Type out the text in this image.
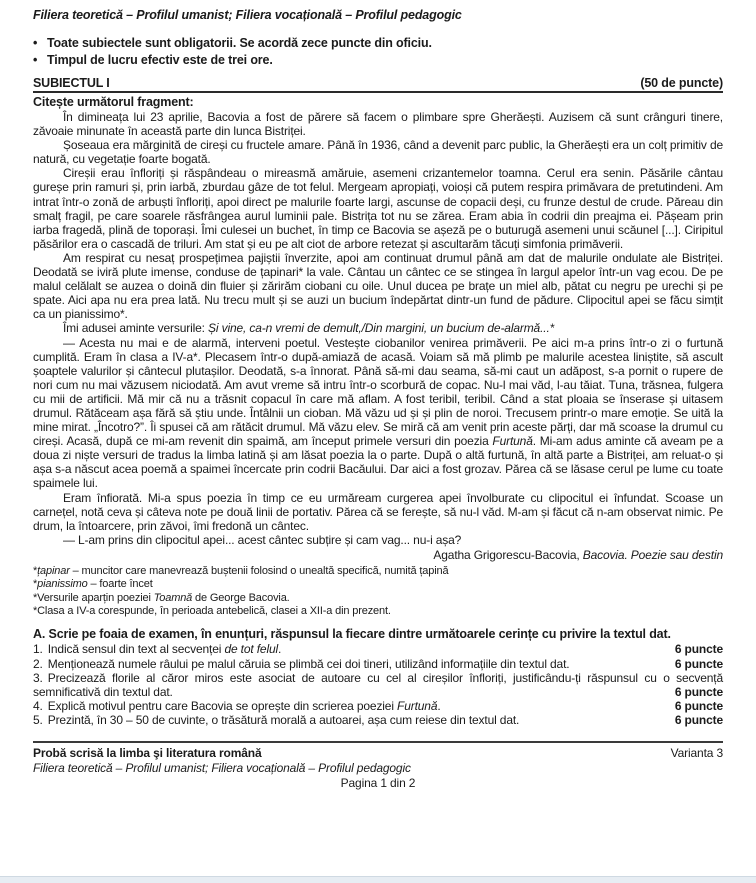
Filiera teoretică – Profilul umanist; Filiera vocațională – Profilul pedagogic
•
Toate subiectele sunt obligatorii. Se acordă zece puncte din oficiu.
•
Timpul de lucru efectiv este de trei ore.
SUBIECTUL I	(50 de puncte)
Citește următorul fragment:

În dimineața lui 23 aprilie, Bacovia a fost de părere să facem o plimbare spre Gherăești. Auzisem că sunt crânguri tinere, zăvoaie minunate în această parte din lunca Bistriței.

Șoseaua era mărginită de cireși cu fructele amare. Până în 1936, când a devenit parc public, la Gherăești era un colț primitiv de natură, cu vegetație foarte bogată.

Cireșii erau înfloriți și răspândeau o mireasmă amăruie, asemeni crizantemelor toamna. Cerul era senin. Păsările cântau gureșe prin ramuri și, prin iarbă, zburdau gâze de tot felul. Mergeam apropiați, voioși că putem respira primăvara de pretutindeni. Am intrat într-o zonă de arbuști înfloriți, apoi direct pe malurile foarte largi, ascunse de copacii deși, cu frunze destul de crude. Păreau din smalț fragil, pe care soarele răsfrângea aurul luminii pale. Bistrița tot nu se zărea. Eram abia în codrii din preajma ei. Pășeam prin iarba fragedă, plină de toporași. Îmi culesei un buchet, în timp ce Bacovia se așeză pe o buturugă asemeni unui scăunel [...]. Ciripitul păsărilor era o cascadă de triluri. Am stat și eu pe alt ciot de arbore retezat și ascultarăm tăcuți simfonia primăverii.

Am respirat cu nesaț prospețimea pajiștii înverzite, apoi am continuat drumul până am dat de malurile ondulate ale Bistriței. Deodată se iviră plute imense, conduse de țapinari* la vale. Cântau un cântec ce se stingea în largul apelor într-un vag ecou. De pe malul celălalt se auzea o doină din fluier și zărirăm ciobani cu oile. Unul ducea pe brațe un miel alb, pătat cu negru pe urechi și pe spate. Aici apa nu era prea lată. Nu trecu mult și se auzi un bucium îndepărtat dintr-un fund de pădure. Clipocitul apei se făcu simțit ca un pianissimo*.

Îmi adusei aminte versurile: Și vine, ca-n vremi de demult,/Din margini, un bucium de-alarmă...*

— Acesta nu mai e de alarmă, interveni poetul. Vestește ciobanilor venirea primăverii. Pe aici m-a prins într-o zi o furtună cumplită. Eram în clasa a IV-a*. Plecasem într-o după-amiază de acasă. Voiam să mă plimb pe malurile acestea liniștite, să ascult șoaptele valurilor și cântecul plutașilor. Deodată, s-a înnorat. Până să-mi dau seama, să-mi caut un adăpost, s-a pornit o rupere de nori cum nu mai văzusem niciodată. Am avut vreme să intru într-o scorbură de copac. Nu-l mai văd, l-au tăiat. Tuna, trăsnea, fulgera cu mii de artificii. Mă mir că nu a trăsnit copacul în care mă aflam. A fost teribil, teribil. Când a stat ploaia se înserase și uitasem drumul. Rătăceam așa fără să știu unde. Întâlnii un cioban. Mă văzu ud și și plin de noroi. Trecusem printr-o mare emoție. Se uită la mine mirat. „Încotro?”. Îi spusei că am rătăcit drumul. Mă văzu elev. Se miră că am venit prin aceste părți, dar mă scoase la drumul cu cireși. Acasă, după ce mi-am revenit din spaimă, am început primele versuri din poezia Furtună. Mi-am adus aminte că aveam pe a doua zi niște versuri de tradus la limba latină și am lăsat poezia la o parte. După o altă furtună, în altă parte a Bistriței, am reluat-o și așa s-a născut acea poemă a spaimei încercate prin codrii Bacăului. Dar aici a fost grozav. Părea că se lăsase cerul pe lume cu toate spaimele lui.

Eram înfiorată. Mi-a spus poezia în timp ce eu urmăream curgerea apei învolburate cu clipocitul ei înfundat. Scoase un carnețel, notă ceva și câteva note pe două linii de portativ. Părea că se ferește, să nu-l văd. M-am și făcut că n-am observat nimic. Pe drum, la întoarcere, prin zăvoi, îmi fredonă un cântec.

— L-am prins din clipocitul apei... acest cântec subțire și cam vag... nu-i așa?

Agatha Grigorescu-Bacovia, Bacovia. Poezie sau destin
*țapinar – muncitor care manevrează buștenii folosind o unealtă specifică, numită țapină
*pianissimo – foarte încet
*Versurile aparțin poeziei Toamnă de George Bacovia.
*Clasa a IV-a corespunde, în perioada antebelică, clasei a XII-a din prezent.
A. Scrie pe foaia de examen, în enunțuri, răspunsul la fiecare dintre următoarele cerințe cu privire la textul dat.

1. Indică sensul din text al secvenței de tot felul.	6 puncte

2. Menționează numele râului pe malul căruia se plimbă cei doi tineri, utilizând informațiile din textul dat.	6 puncte

3. Precizează florile al căror miros este asociat de autoare cu cel al cireșilor înfloriți, justificându-ți răspunsul cu o secvență semnificativă din textul dat.	6 puncte

4. Explică motivul pentru care Bacovia se oprește din scrierea poeziei Furtună.	6 puncte

5. Prezintă, în 30 – 50 de cuvinte, o trăsătură morală a autoarei, așa cum reiese din textul dat.	6 puncte

Probă scrisă la limba şi literatura română	Varianta 3
Filiera teoretică – Profilul umanist; Filiera vocațională – Profilul pedagogic
Pagina 1 din 2
